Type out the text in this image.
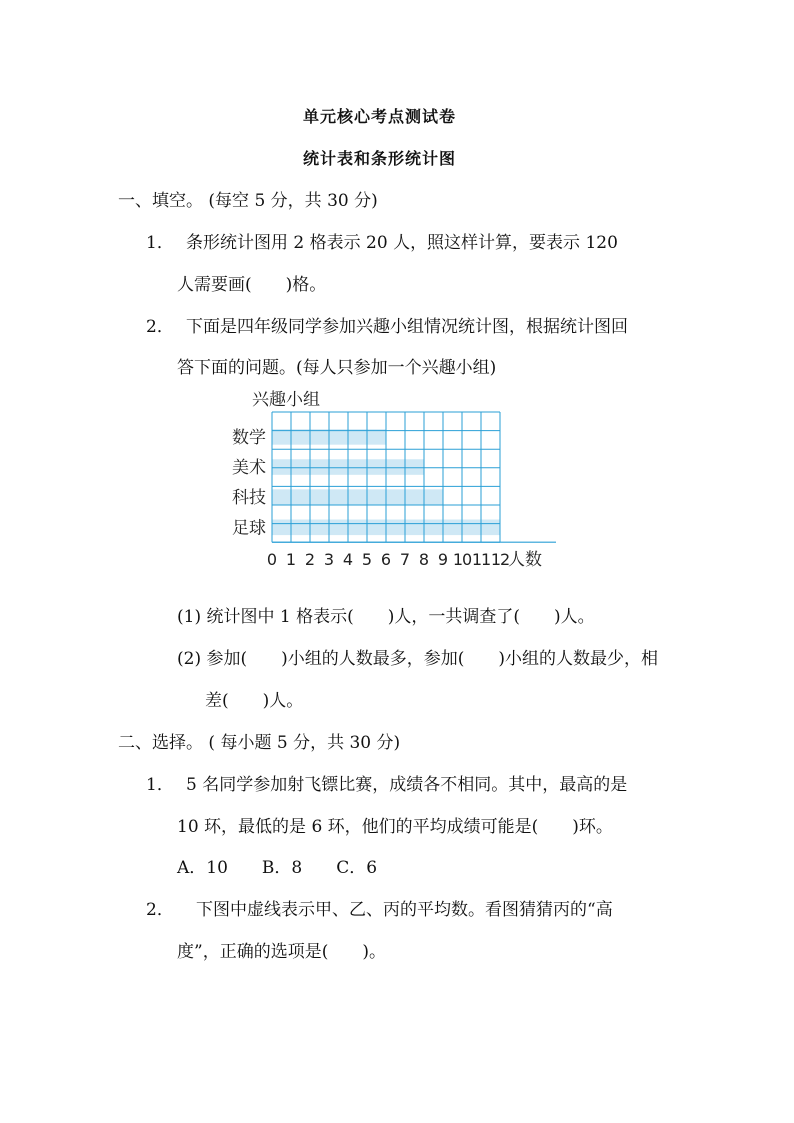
单元核心考点测试卷
统计表和条形统计图
一、填空。 (每空 5 分，共 30 分)
1． 条形统计图用 2 格表示 20 人，照这样计算，要表示 120
人需要画(　　)格。
2． 下面是四年级同学参加兴趣小组情况统计图，根据统计图回
答下面的问题。(每人只参加一个兴趣小组)
数学
美术
科技
足球
兴趣小组
人数
0 1 2 3 4 5 6 7 8 9 10 11 12
(1) 统计图中 1 格表示(　　)人，一共调查了(　　)人。
(2) 参加(　　)小组的人数最多，参加(　　)小组的人数最少，相
差(　　)人。
二、选择。 ( 每小题 5 分，共 30 分)
1． 5 名同学参加射飞镖比赛，成绩各不相同。其中，最高的是
10 环，最低的是 6 环，他们的平均成绩可能是(　　)环。
A．10　　B．8　　C．6
2． 下图中虚线表示甲、乙、丙的平均数。看图猜猜丙的“高
度”，正确的选项是(　　)。
